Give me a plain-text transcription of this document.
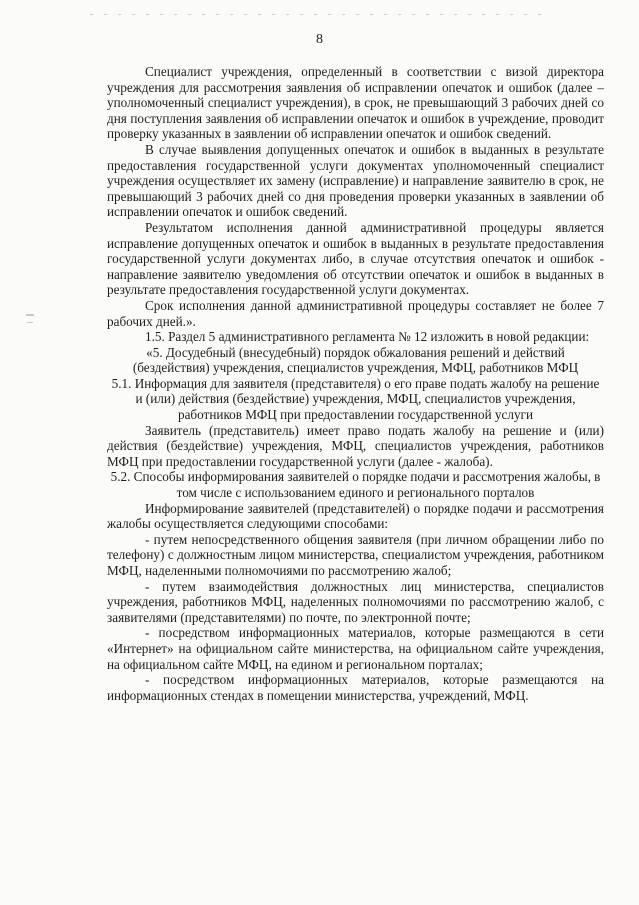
8

Специалист учреждения, определенный в соответствии с визой директора учреждения для рассмотрения заявления об исправлении опечаток и ошибок (далее – уполномоченный специалист учреждения), в срок, не превышающий 3 рабочих дней со дня поступления заявления об исправлении опечаток и ошибок в учреждение, проводит проверку указанных в заявлении об исправлении опечаток и ошибок сведений.

В случае выявления допущенных опечаток и ошибок в выданных в результате предоставления государственной услуги документах уполномоченный специалист учреждения осуществляет их замену (исправление) и направление заявителю в срок, не превышающий 3 рабочих дней со дня проведения проверки указанных в заявлении об исправлении опечаток и ошибок сведений.

Результатом исполнения данной административной процедуры является исправление допущенных опечаток и ошибок в выданных в результате предоставления государственной услуги документах либо, в случае отсутствия опечаток и ошибок - направление заявителю уведомления об отсутствии опечаток и ошибок в выданных в результате предоставления государственной услуги документах.

Срок исполнения данной административной процедуры составляет не более 7 рабочих дней.».

1.5. Раздел 5 административного регламента № 12 изложить в новой редакции:

«5. Досудебный (внесудебный) порядок обжалования решений и действий (бездействия) учреждения, специалистов учреждения, МФЦ, работников МФЦ

5.1. Информация для заявителя (представителя) о его праве подать жалобу на решение и (или) действия (бездействие) учреждения, МФЦ, специалистов учреждения, работников МФЦ при предоставлении государственной услуги

Заявитель (представитель) имеет право подать жалобу на решение и (или) действия (бездействие) учреждения, МФЦ, специалистов учреждения, работников МФЦ при предоставлении государственной услуги (далее - жалоба).

5.2. Способы информирования заявителей о порядке подачи и рассмотрения жалобы, в том числе с использованием единого и регионального порталов

Информирование заявителей (представителей) о порядке подачи и рассмотрения жалобы осуществляется следующими способами:

- путем непосредственного общения заявителя (при личном обращении либо по телефону) с должностным лицом министерства, специалистом учреждения, работником МФЦ, наделенными полномочиями по рассмотрению жалоб;

- путем взаимодействия должностных лиц министерства, специалистов учреждения, работников МФЦ, наделенных полномочиями по рассмотрению жалоб, с заявителями (представителями) по почте, по электронной почте;

- посредством информационных материалов, которые размещаются в сети «Интернет» на официальном сайте министерства, на официальном сайте учреждения, на официальном сайте МФЦ, на едином и региональном порталах;

- посредством информационных материалов, которые размещаются на информационных стендах в помещении министерства, учреждений, МФЦ.
